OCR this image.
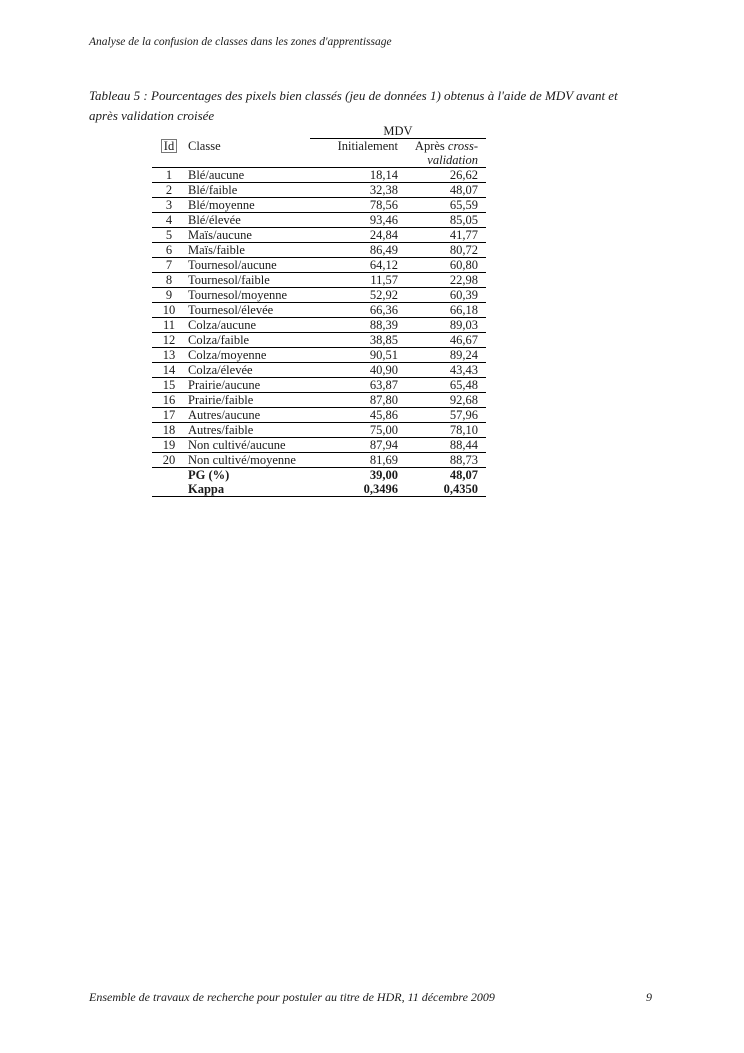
Analyse de la confusion de classes dans les zones d'apprentissage
Tableau 5 : Pourcentages des pixels bien classés (jeu de données 1) obtenus à l'aide de MDV avant et après validation croisée
		MDV	
Id	Classe	Initialement	Après cross-validation
1	Blé/aucune	18,14	26,62
2	Blé/faible	32,38	48,07
3	Blé/moyenne	78,56	65,59
4	Blé/élevée	93,46	85,05
5	Maïs/aucune	24,84	41,77
6	Maïs/faible	86,49	80,72
7	Tournesol/aucune	64,12	60,80
8	Tournesol/faible	11,57	22,98
9	Tournesol/moyenne	52,92	60,39
10	Tournesol/élevée	66,36	66,18
11	Colza/aucune	88,39	89,03
12	Colza/faible	38,85	46,67
13	Colza/moyenne	90,51	89,24
14	Colza/élevée	40,90	43,43
15	Prairie/aucune	63,87	65,48
16	Prairie/faible	87,80	92,68
17	Autres/aucune	45,86	57,96
18	Autres/faible	75,00	78,10
19	Non cultivé/aucune	87,94	88,44
20	Non cultivé/moyenne	81,69	88,73
	PG (%)	39,00	48,07
	Kappa	0,3496	0,4350
Ensemble de travaux de recherche pour postuler au titre de HDR, 11 décembre 2009	9
